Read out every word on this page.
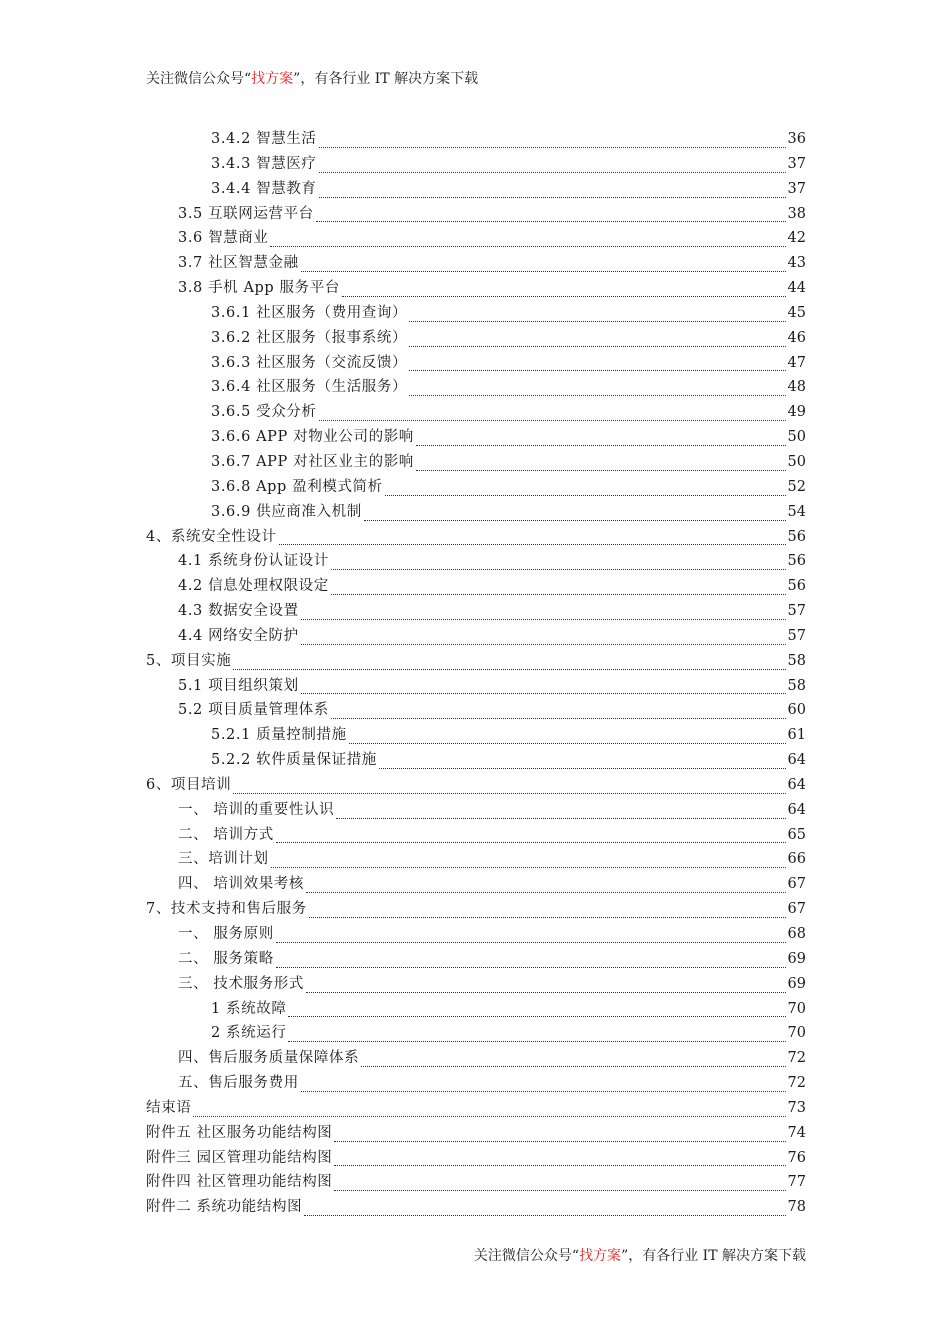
关注微信公众号“找方案”，有各行业 IT 解决方案下载
3.4.2 智慧生活	36
3.4.3 智慧医疗	37
3.4.4 智慧教育	37
3.5 互联网运营平台	38
3.6 智慧商业	42
3.7 社区智慧金融	43
3.8 手机 App 服务平台	44
3.6.1 社区服务（费用查询）	45
3.6.2 社区服务（报事系统）	46
3.6.3 社区服务（交流反馈）	47
3.6.4 社区服务（生活服务）	48
3.6.5 受众分析	49
3.6.6 APP 对物业公司的影响	50
3.6.7 APP 对社区业主的影响	50
3.6.8 App 盈利模式简析	52
3.6.9 供应商准入机制	54
4、系统安全性设计	56
4.1 系统身份认证设计	56
4.2 信息处理权限设定	56
4.3 数据安全设置	57
4.4 网络安全防护	57
5、项目实施	58
5.1 项目组织策划	58
5.2 项目质量管理体系	60
5.2.1 质量控制措施	61
5.2.2 软件质量保证措施	64
6、项目培训	64
一、 培训的重要性认识	64
二、 培训方式	65
三、培训计划	66
四、 培训效果考核	67
7、技术支持和售后服务	67
一、 服务原则	68
二、 服务策略	69
三、 技术服务形式	69
1 系统故障	70
2 系统运行	70
四、售后服务质量保障体系	72
五、售后服务费用	72
结束语	73
附件五 社区服务功能结构图	74
附件三 园区管理功能结构图	76
附件四 社区管理功能结构图	77
附件二 系统功能结构图	78
关注微信公众号“找方案”，有各行业 IT 解决方案下载
